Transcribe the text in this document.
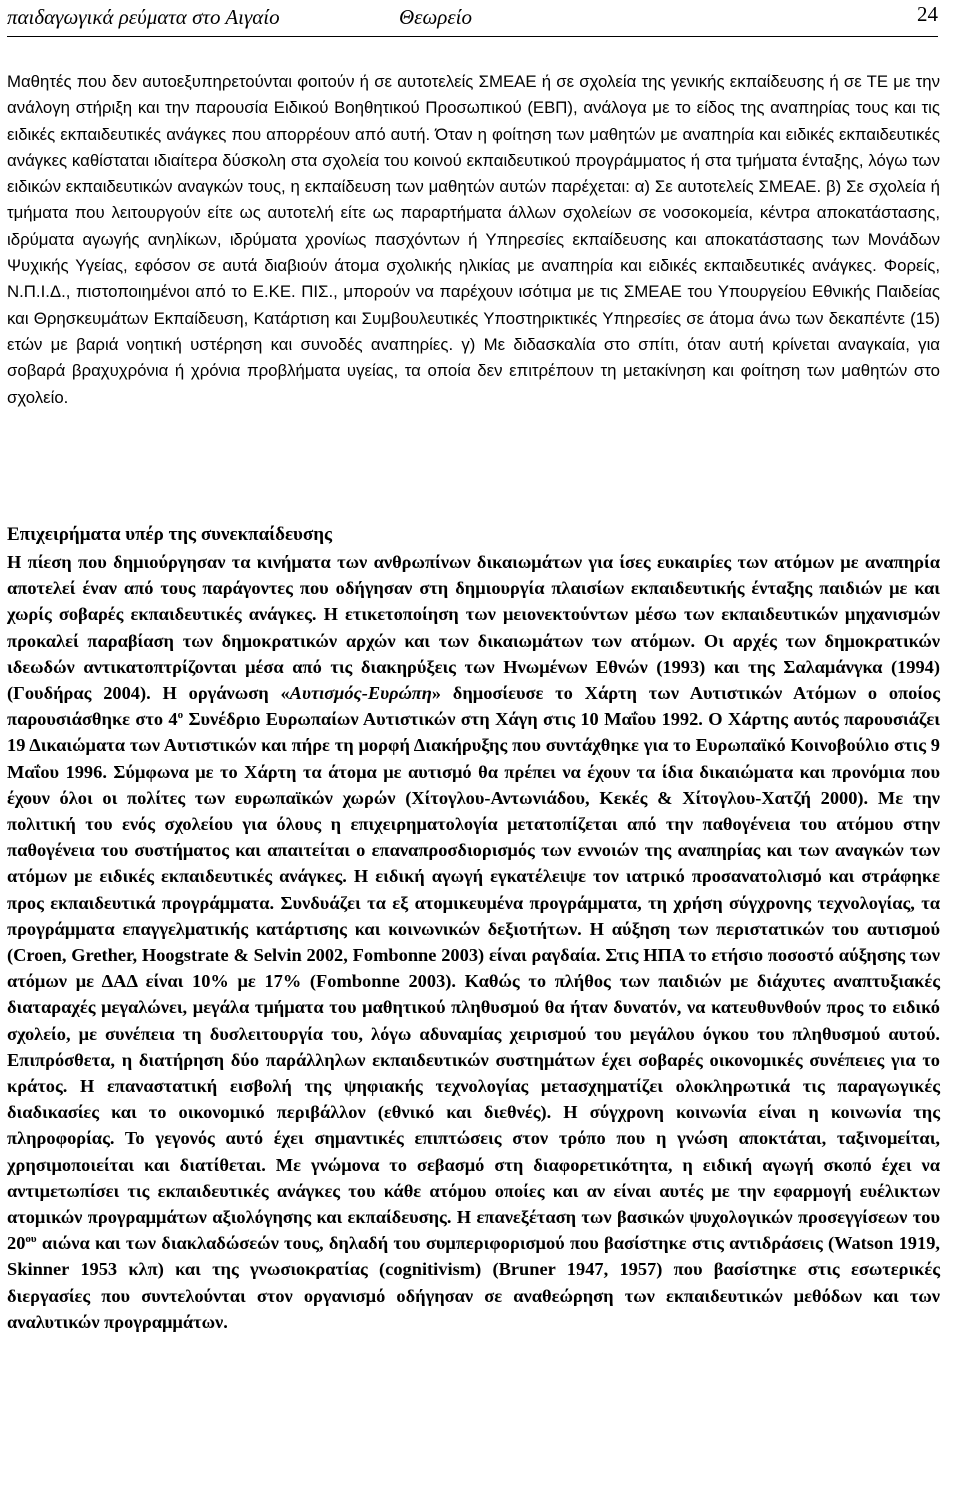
παιδαγωγικά ρεύματα στο Αιγαίο	Θεωρείο	24
Μαθητές που δεν αυτοεξυπηρετούνται φοιτούν ή σε αυτοτελείς ΣΜΕΑΕ ή σε σχολεία της γενικής εκπαίδευσης ή σε ΤΕ με την ανάλογη στήριξη και την παρουσία Ειδικού Βοηθητικού Προσωπικού (ΕΒΠ), ανάλογα με το είδος της αναπηρίας τους και τις ειδικές εκπαιδευτικές ανάγκες που απορρέουν από αυτή. Όταν η φοίτηση των μαθητών με αναπηρία και ειδικές εκπαιδευτικές ανάγκες καθίσταται ιδιαίτερα δύσκολη στα σχολεία του κοινού εκπαιδευτικού προγράμματος ή στα τμήματα ένταξης, λόγω των ειδικών εκπαιδευτικών αναγκών τους, η εκπαίδευση των μαθητών αυτών παρέχεται: α) Σε αυτοτελείς ΣΜΕΑΕ. β) Σε σχολεία ή τμήματα που λειτουργούν είτε ως αυτοτελή είτε ως παραρτήματα άλλων σχολείων σε νοσοκομεία, κέντρα αποκατάστασης, ιδρύματα αγωγής ανηλίκων, ιδρύματα χρονίως πασχόντων ή Υπηρεσίες εκπαίδευσης και αποκατάστασης των Μονάδων Ψυχικής Υγείας, εφόσον σε αυτά διαβιούν άτομα σχολικής ηλικίας με αναπηρία και ειδικές εκπαιδευτικές ανάγκες. Φορείς, Ν.Π.Ι.Δ., πιστοποιημένοι από το Ε.ΚΕ. ΠΙΣ., μπορούν να παρέχουν ισότιμα με τις ΣΜΕΑΕ του Υπουργείου Εθνικής Παιδείας και Θρησκευμάτων Εκπαίδευση, Κατάρτιση και Συμβουλευτικές Υποστηρικτικές Υπηρεσίες σε άτομα άνω των δεκαπέντε (15) ετών με βαριά νοητική υστέρηση και συνοδές αναπηρίες. γ) Με διδασκαλία στο σπίτι, όταν αυτή κρίνεται αναγκαία, για σοβαρά βραχυχρόνια ή χρόνια προβλήματα υγείας, τα οποία δεν επιτρέπουν τη μετακίνηση και φοίτηση των μαθητών στο σχολείο.
Επιχειρήματα υπέρ της συνεκπαίδευσης
Η πίεση που δημιούργησαν τα κινήματα των ανθρωπίνων δικαιωμάτων για ίσες ευκαιρίες των ατόμων με αναπηρία αποτελεί έναν από τους παράγοντες που οδήγησαν στη δημιουργία πλαισίων εκπαιδευτικής ένταξης παιδιών με και χωρίς σοβαρές εκπαιδευτικές ανάγκες. Η ετικετοποίηση των μειονεκτούντων μέσω των εκπαιδευτικών μηχανισμών προκαλεί παραβίαση των δημοκρατικών αρχών και των δικαιωμάτων των ατόμων. Οι αρχές των δημοκρατικών ιδεωδών αντικατοπτρίζονται μέσα από τις διακηρύξεις των Ηνωμένων Εθνών (1993) και της Σαλαμάνγκα (1994) (Γουδήρας 2004). Η οργάνωση «Αυτισμός-Ευρώπη» δημοσίευσε το Χάρτη των Αυτιστικών Ατόμων ο οποίος παρουσιάσθηκε στο $4^o$ Συνέδριο Ευρωπαίων Αυτιστικών στη Χάγη στις 10 Μαΐου 1992. Ο Χάρτης αυτός παρουσιάζει 19 Δικαιώματα των Αυτιστικών και πήρε τη μορφή Διακήρυξης που συντάχθηκε για το Ευρωπαϊκό Κοινοβούλιο στις 9 Μαΐου 1996. Σύμφωνα με το Χάρτη τα άτομα με αυτισμό θα πρέπει να έχουν τα ίδια δικαιώματα και προνόμια που έχουν όλοι οι πολίτες των ευρωπαϊκών χωρών (Χίτογλου-Αντωνιάδου, Κεκές & Χίτογλου-Χατζή 2000). Με την πολιτική του ενός σχολείου για όλους η επιχειρηματολογία μετατοπίζεται από την παθογένεια του ατόμου στην παθογένεια του συστήματος και απαιτείται ο επαναπροσδιορισμός των εννοιών της αναπηρίας και των αναγκών των ατόμων με ειδικές εκπαιδευτικές ανάγκες. Η ειδική αγωγή εγκατέλειψε τον ιατρικό προσανατολισμό και στράφηκε προς εκπαιδευτικά προγράμματα. Συνδυάζει τα εξ ατομικευμένα προγράμματα, τη χρήση σύγχρονης τεχνολογίας, τα προγράμματα επαγγελματικής κατάρτισης και κοινωνικών δεξιοτήτων. Η αύξηση των περιστατικών του αυτισμού (Croen, Grether, Hoogstrate & Selvin 2002, Fombonne 2003) είναι ραγδαία. Στις ΗΠΑ το ετήσιο ποσοστό αύξησης των ατόμων με ΔΑΔ είναι 10% με 17% (Fombonne 2003). Καθώς το πλήθος των παιδιών με διάχυτες αναπτυξιακές διαταραχές μεγαλώνει, μεγάλα τμήματα του μαθητικού πληθυσμού θα ήταν δυνατόν, να κατευθυνθούν προς το ειδικό σχολείο, με συνέπεια τη δυσλειτουργία του, λόγω αδυναμίας χειρισμού του μεγάλου όγκου του πληθυσμού αυτού. Επιπρόσθετα, η διατήρηση δύο παράλληλων εκπαιδευτικών συστημάτων έχει σοβαρές οικονομικές συνέπειες για το κράτος. Η επαναστατική εισβολή της ψηφιακής τεχνολογίας μετασχηματίζει ολοκληρωτικά τις παραγωγικές διαδικασίες και το οικονομικό περιβάλλον (εθνικό και διεθνές). Η σύγχρονη κοινωνία είναι η κοινωνία της πληροφορίας. Το γεγονός αυτό έχει σημαντικές επιπτώσεις στον τρόπο που η γνώση αποκτάται, ταξινομείται, χρησιμοποιείται και διατίθεται. Με γνώμονα το σεβασμό στη διαφορετικότητα, η ειδική αγωγή σκοπό έχει να αντιμετωπίσει τις εκπαιδευτικές ανάγκες του κάθε ατόμου οποίες και αν είναι αυτές με την εφαρμογή ευέλικτων ατομικών προγραμμάτων αξιολόγησης και εκπαίδευσης. Η επανεξέταση των βασικών ψυχολογικών προσεγγίσεων του $20^{o\upsilon}$ αιώνα και των διακλαδώσεών τους, δηλαδή του συμπεριφορισμού που βασίστηκε στις αντιδράσεις (Watson 1919, Skinner 1953 κλπ) και της γνωσιοκρατίας (cognitivism) (Bruner 1947, 1957) που βασίστηκε στις εσωτερικές διεργασίες που συντελούνται στον οργανισμό οδήγησαν σε αναθεώρηση των εκπαιδευτικών μεθόδων και των αναλυτικών προγραμμάτων.
